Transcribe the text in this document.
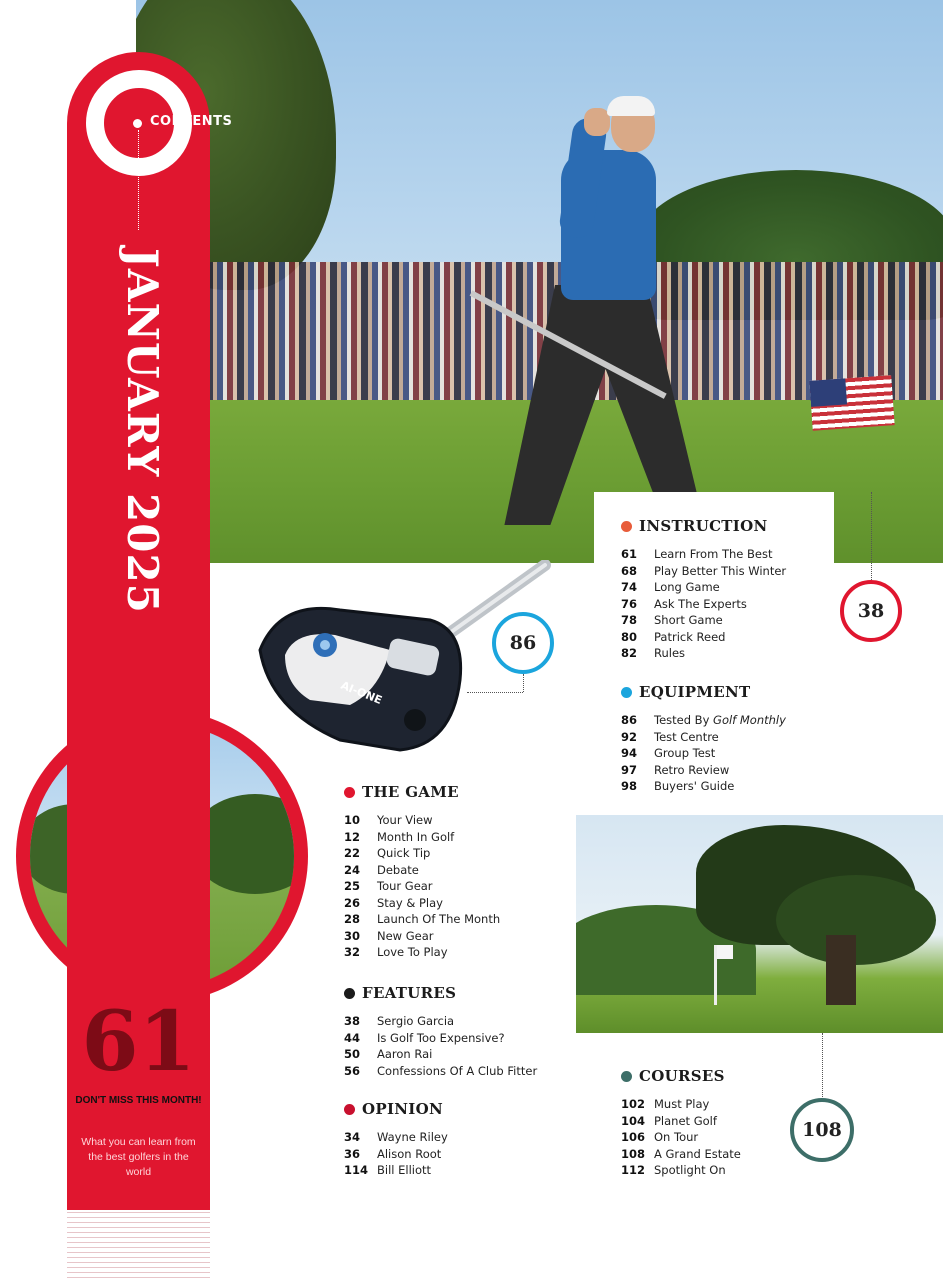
AI-ONE
CONTENTS
JANUARY 2025
61
DON'T MISS THIS MONTH!
What you can learn from the best golfers in the world
38
86
108
INSTRUCTION
61	Learn From The Best
68	Play Better This Winter
74	Long Game
76	Ask The Experts
78	Short Game
80	Patrick Reed
82	Rules
EQUIPMENT
86	Tested By Golf Monthly
92	Test Centre
94	Group Test
97	Retro Review
98	Buyers' Guide
THE GAME
10	Your View
12	Month In Golf
22	Quick Tip
24	Debate
25	Tour Gear
26	Stay & Play
28	Launch Of The Month
30	New Gear
32	Love To Play
FEATURES
38	Sergio Garcia
44	Is Golf Too Expensive?
50	Aaron Rai
56	Confessions Of A Club Fitter
OPINION
34	Wayne Riley
36	Alison Root
114 Bill Elliott
COURSES
102 Must Play
104 Planet Golf
106 On Tour
108 A Grand Estate
112 Spotlight On
